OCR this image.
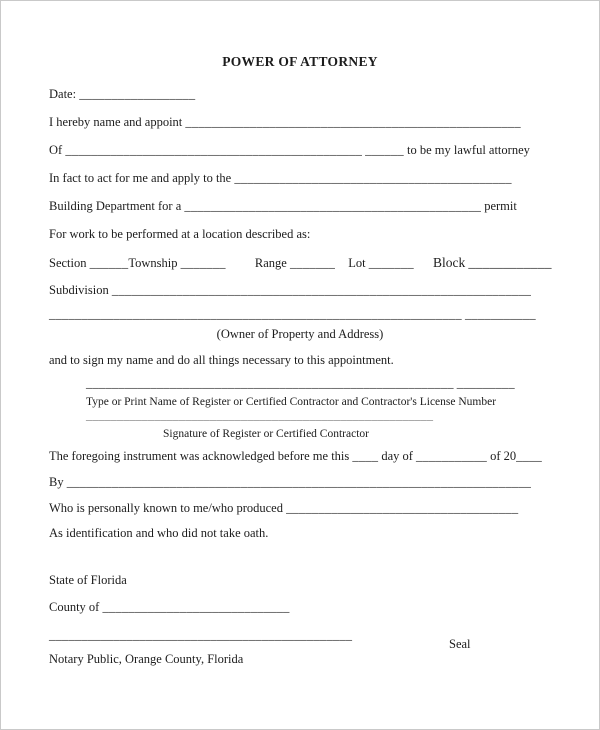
POWER OF ATTORNEY
Date: __________________
I hereby name and appoint ____________________________________________________
Of ______________________________________________ ______ to be my lawful attorney
In fact to act for me and apply to the ___________________________________________
Building Department for a ______________________________________________ permit
For work to be performed at a location described as:
Section ______Township _______ Range _______ Lot _______ Block ____________
Subdivision _________________________________________________________________
________________________________________________________________ ___________
(Owner of Property and Address)
and to sign my name and do all things necessary to this appointment.
_________________________________________________________ _________
Type or Print Name of Register or Certified Contractor and Contractor's License Number
________________________________________________________
Signature of Register or Certified Contractor
The foregoing instrument was acknowledged before me this ____ day of ___________ of 20____
By ________________________________________________________________________
Who is personally known to me/who produced ____________________________________
As identification and who did not take oath.
State of Florida
County of _____________________________
_______________________________________________
Seal
Notary Public, Orange County, Florida
